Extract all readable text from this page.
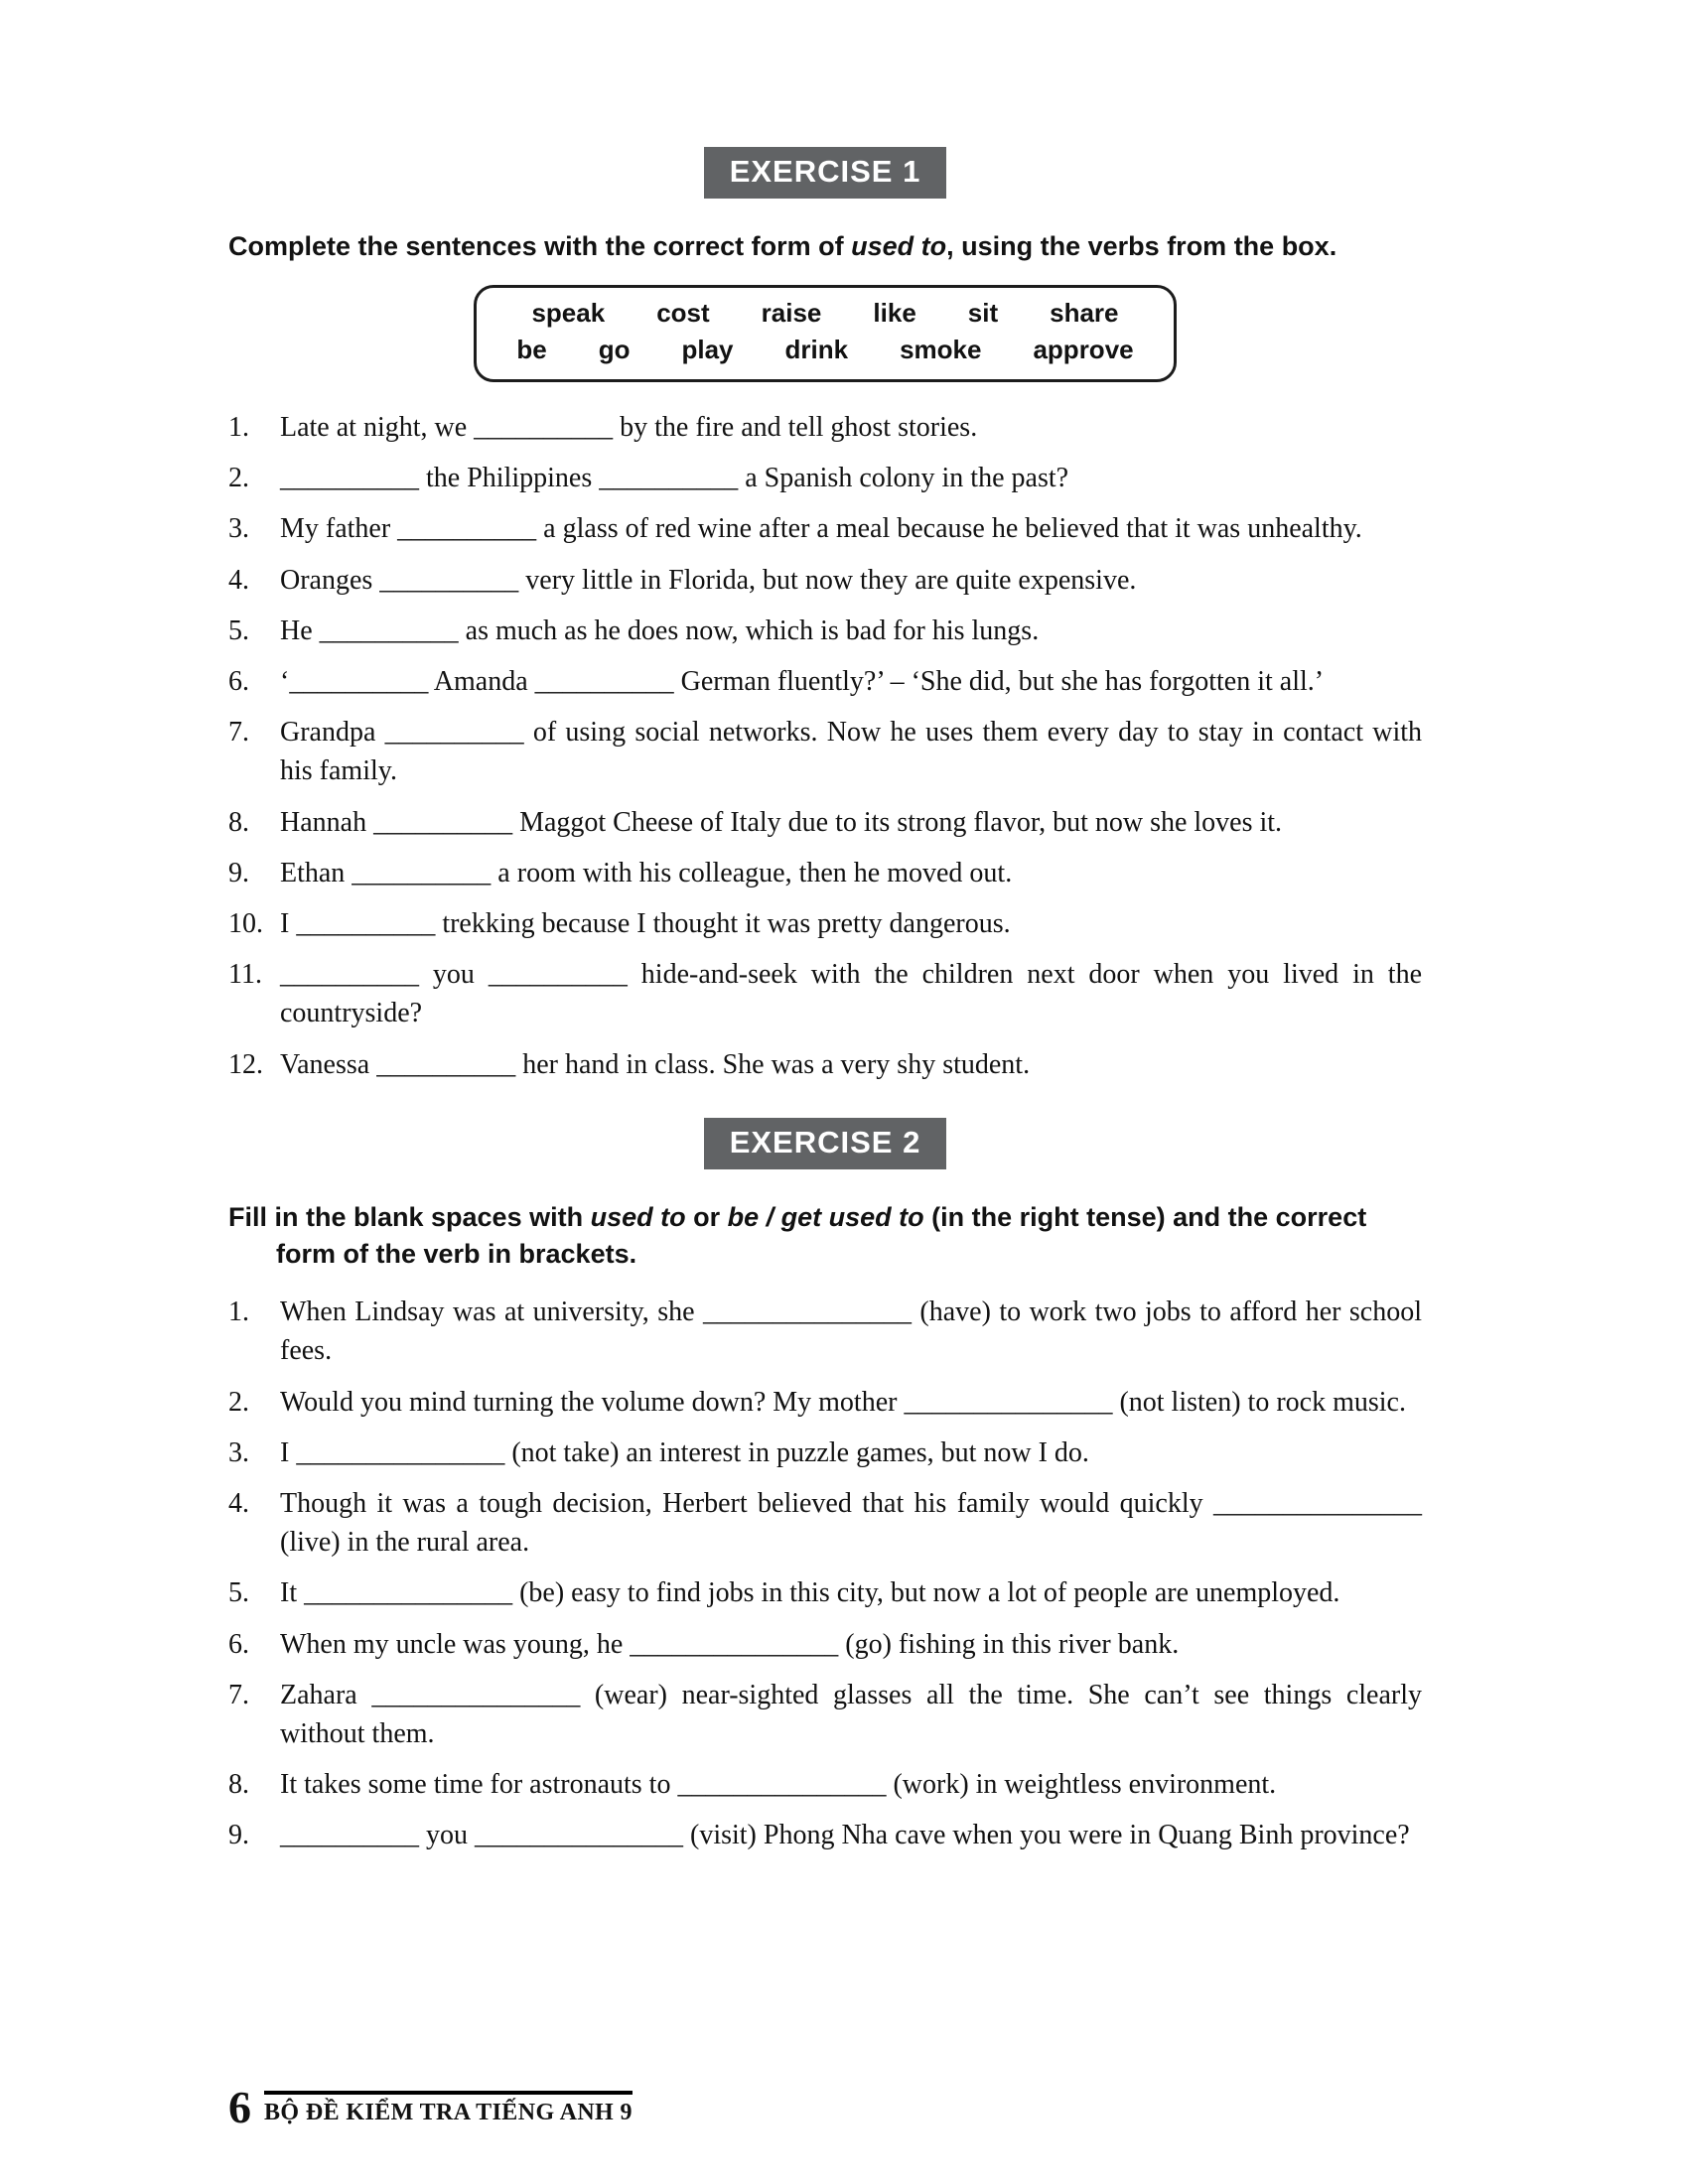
EXERCISE 1
Complete the sentences with the correct form of used to, using the verbs from the box.
speak cost raise like sit share
be go play drink smoke approve
1.	Late at night, we __________ by the fire and tell ghost stories.
2.	__________ the Philippines __________ a Spanish colony in the past?
3.	My father __________ a glass of red wine after a meal because he believed that it was unhealthy.
4.	Oranges __________ very little in Florida, but now they are quite expensive.
5.	He __________ as much as he does now, which is bad for his lungs.
6.	‘__________ Amanda __________ German fluently?’ – ‘She did, but she has forgotten it all.’
7.	Grandpa __________ of using social networks. Now he uses them every day to stay in contact with his family.
8.	Hannah __________ Maggot Cheese of Italy due to its strong flavor, but now she loves it.
9.	Ethan __________ a room with his colleague, then he moved out.
10. I __________ trekking because I thought it was pretty dangerous.
11. __________ you __________ hide-and-seek with the children next door when you lived in the countryside?
12. Vanessa __________ her hand in class. She was a very shy student.
EXERCISE 2
Fill in the blank spaces with used to or be / get used to (in the right tense) and the correct form of the verb in brackets.
1.	When Lindsay was at university, she _______________ (have) to work two jobs to afford her school fees.
2.	Would you mind turning the volume down? My mother _______________ (not listen) to rock music.
3.	I _______________ (not take) an interest in puzzle games, but now I do.
4.	Though it was a tough decision, Herbert believed that his family would quickly _______________ (live) in the rural area.
5.	It _______________ (be) easy to find jobs in this city, but now a lot of people are unemployed.
6.	When my uncle was young, he _______________ (go) fishing in this river bank.
7.	Zahara _______________ (wear) near-sighted glasses all the time. She can’t see things clearly without them.
8.	It takes some time for astronauts to _______________ (work) in weightless environment.
9.	__________ you _______________ (visit) Phong Nha cave when you were in Quang Binh province?
6 BỘ ĐỀ KIỂM TRA TIẾNG ANH 9
